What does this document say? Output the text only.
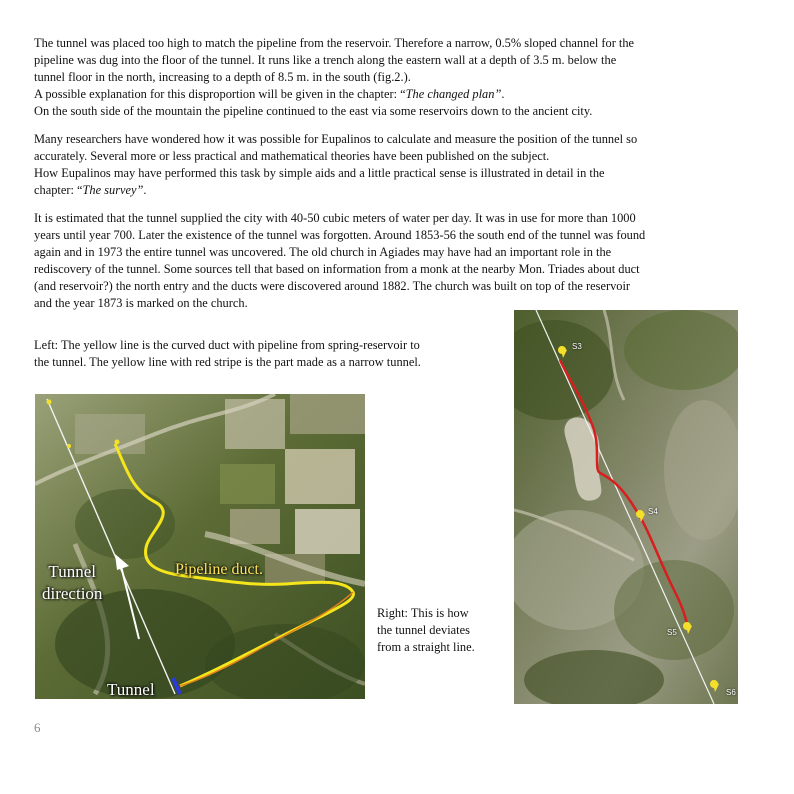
The tunnel was placed too high to match the pipeline from the reservoir. Therefore a narrow, 0.5% sloped channel for the
pipeline was dug into the floor of the tunnel. It runs like a trench along the eastern wall at a depth of 3.5 m. below the
tunnel floor in the north, increasing to a depth of 8.5 m. in the south (fig.2.).
A possible explanation for this disproportion will be given in the chapter: “The changed plan”.
On the south side of the mountain the pipeline continued to the east via some reservoirs down to the ancient city.
Many researchers have wondered how it was possible for Eupalinos to calculate and measure the position of the tunnel so
accurately. Several more or less practical and mathematical theories have been published on the subject.
How Eupalinos may have performed this task by simple aids and a little practical sense is illustrated in detail in the
chapter: “The survey”.
It is estimated that the tunnel supplied the city with 40-50 cubic meters of water per day. It was in use for more than 1000
years until year 700. Later the existence of the tunnel was forgotten. Around 1853-56 the south end of the tunnel was found
again and in 1973 the entire tunnel was uncovered. The old church in Agiades may have had an important role in the
rediscovery of the tunnel. Some sources tell that based on information from a monk at the nearby Mon. Triades about duct
(and reservoir?) the north entry and the ducts were discovered around 1882. The church was built on top of the reservoir
and the year 1873 is marked on the church.
Left: The yellow line is the curved duct with pipeline from spring-reservoir to
the tunnel. The yellow line with red stripe is the part made as a narrow tunnel.
Tunnel
direction
Pipeline duct.
Tunnel
Right: This is how
the tunnel deviates
from a straight line.
S3
S4
S5
S6
6
